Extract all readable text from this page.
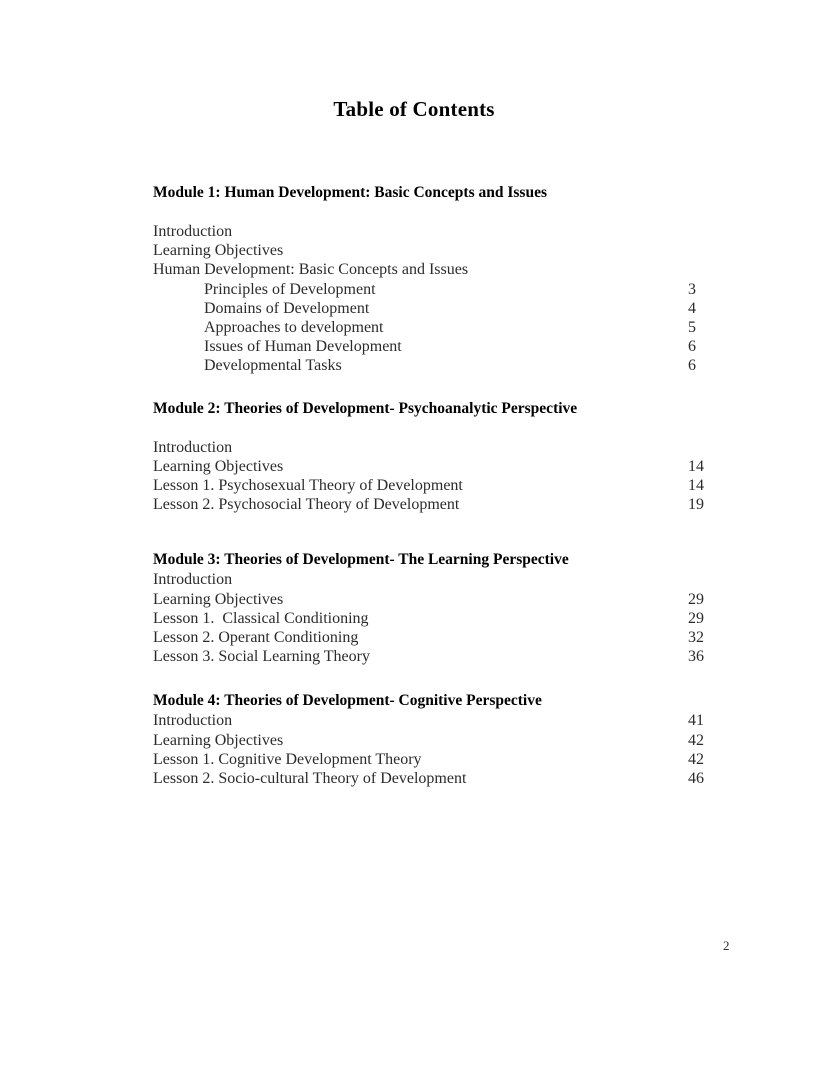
Table of Contents
Module 1: Human Development: Basic Concepts and Issues
Introduction
Learning Objectives
Human Development: Basic Concepts and Issues
Principles of Development	3
Domains of Development	4
Approaches to development	5
Issues of Human Development	6
Developmental Tasks	6
Module 2: Theories of Development- Psychoanalytic Perspective
Introduction
Learning Objectives	14
Lesson 1. Psychosexual Theory of Development	14
Lesson 2. Psychosocial Theory of Development	19
Module 3: Theories of Development- The Learning Perspective
Introduction
Learning Objectives	29
Lesson 1.  Classical Conditioning	29
Lesson 2. Operant Conditioning	32
Lesson 3. Social Learning Theory	36
Module 4: Theories of Development- Cognitive Perspective
Introduction	41
Learning Objectives	42
Lesson 1. Cognitive Development Theory	42
Lesson 2. Socio-cultural Theory of Development	46
2
